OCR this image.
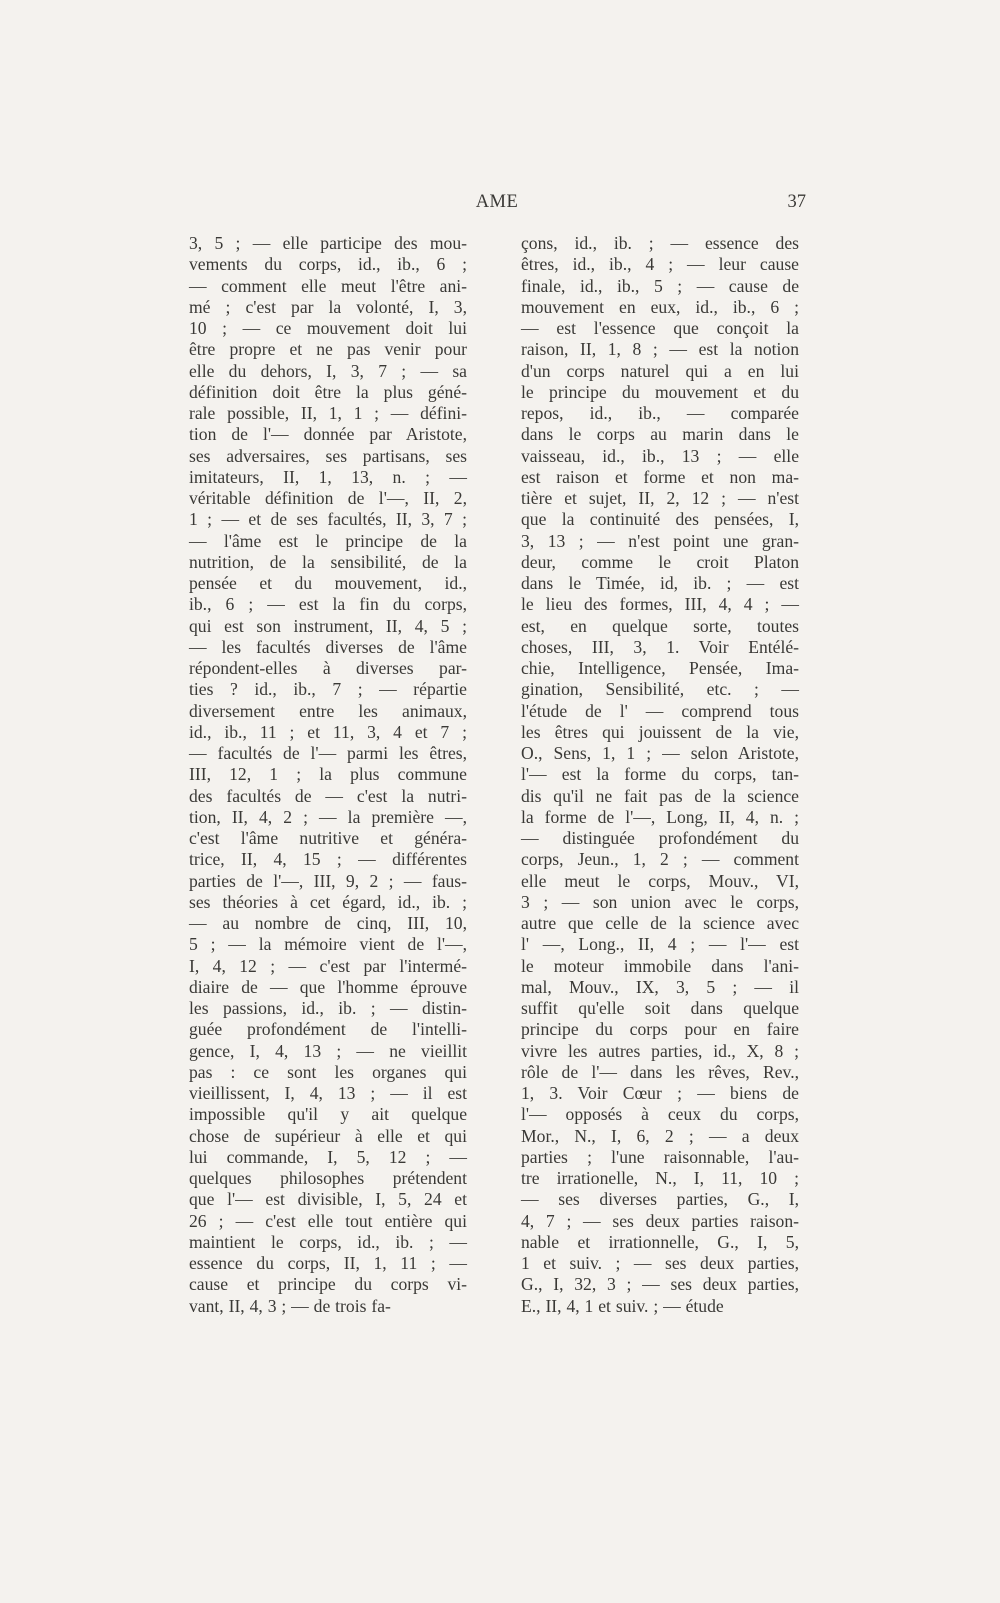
AME	37
3, 5 ; — elle participe des mou-
vements du corps, id., ib., 6 ;
— comment elle meut l'être ani-
mé ; c'est par la volonté, I, 3,
10 ; — ce mouvement doit lui
être propre et ne pas venir pour
elle du dehors, I, 3, 7 ; — sa
définition doit être la plus géné-
rale possible, II, 1, 1 ; — défini-
tion de l'— donnée par Aristote,
ses adversaires, ses partisans, ses
imitateurs, II, 1, 13, n. ; —
véritable définition de l'—, II, 2,
1 ; — et de ses facultés, II, 3, 7 ;
— l'âme est le principe de la
nutrition, de la sensibilité, de la
pensée et du mouvement, id.,
ib., 6 ; — est la fin du corps,
qui est son instrument, II, 4, 5 ;
— les facultés diverses de l'âme
répondent-elles à diverses par-
ties ? id., ib., 7 ; — répartie
diversement entre les animaux,
id., ib., 11 ; et 11, 3, 4 et 7 ;
— facultés de l'— parmi les êtres,
III, 12, 1 ; la plus commune
des facultés de — c'est la nutri-
tion, II, 4, 2 ; — la première —,
c'est l'âme nutritive et généra-
trice, II, 4, 15 ; — différentes
parties de l'—, III, 9, 2 ; — faus-
ses théories à cet égard, id., ib. ;
— au nombre de cinq, III, 10,
5 ; — la mémoire vient de l'—,
I, 4, 12 ; — c'est par l'intermé-
diaire de — que l'homme éprouve
les passions, id., ib. ; — distin-
guée profondément de l'intelli-
gence, I, 4, 13 ; — ne vieillit
pas : ce sont les organes qui
vieillissent, I, 4, 13 ; — il est
impossible qu'il y ait quelque
chose de supérieur à elle et qui
lui commande, I, 5, 12 ; —
quelques philosophes prétendent
que l'— est divisible, I, 5, 24 et
26 ; — c'est elle tout entière qui
maintient le corps, id., ib. ; —
essence du corps, II, 1, 11 ; —
cause et principe du corps vi-
vant, II, 4, 3 ; — de trois fa-
çons, id., ib. ; — essence des
êtres, id., ib., 4 ; — leur cause
finale, id., ib., 5 ; — cause de
mouvement en eux, id., ib., 6 ;
— est l'essence que conçoit la
raison, II, 1, 8 ; — est la notion
d'un corps naturel qui a en lui
le principe du mouvement et du
repos, id., ib., — comparée
dans le corps au marin dans le
vaisseau, id., ib., 13 ; — elle
est raison et forme et non ma-
tière et sujet, II, 2, 12 ; — n'est
que la continuité des pensées, I,
3, 13 ; — n'est point une gran-
deur, comme le croit Platon
dans le Timée, id, ib. ; — est
le lieu des formes, III, 4, 4 ; —
est, en quelque sorte, toutes
choses, III, 3, 1. Voir Entélé-
chie, Intelligence, Pensée, Ima-
gination, Sensibilité, etc. ; —
l'étude de l' — comprend tous
les êtres qui jouissent de la vie,
O., Sens, 1, 1 ; — selon Aristote,
l'— est la forme du corps, tan-
dis qu'il ne fait pas de la science
la forme de l'—, Long, II, 4, n. ;
— distinguée profondément du
corps, Jeun., 1, 2 ; — comment
elle meut le corps, Mouv., VI,
3 ; — son union avec le corps,
autre que celle de la science avec
l' —, Long., II, 4 ; — l'— est
le moteur immobile dans l'ani-
mal, Mouv., IX, 3, 5 ; — il
suffit qu'elle soit dans quelque
principe du corps pour en faire
vivre les autres parties, id., X, 8 ;
rôle de l'— dans les rêves, Rev.,
1, 3. Voir Cœur ; — biens de
l'— opposés à ceux du corps,
Mor., N., I, 6, 2 ; — a deux
parties ; l'une raisonnable, l'au-
tre irrationelle, N., I, 11, 10 ;
— ses diverses parties, G., I,
4, 7 ; — ses deux parties raison-
nable et irrationnelle, G., I, 5,
1 et suiv. ; — ses deux parties,
G., I, 32, 3 ; — ses deux parties,
E., II, 4, 1 et suiv. ; — étude
